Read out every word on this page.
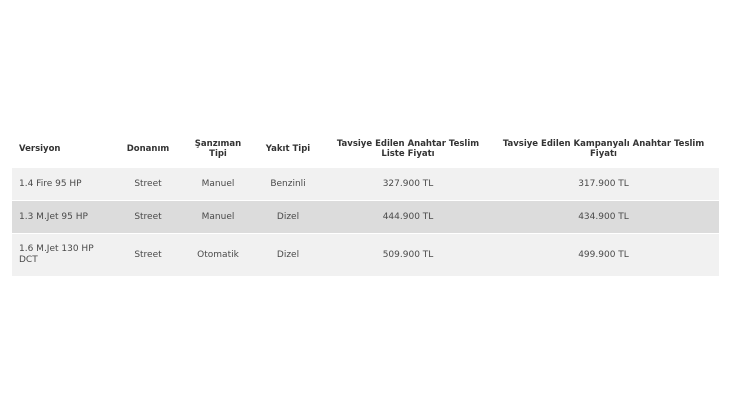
Versiyon	Donanım	Şanzıman Tipi	Yakıt Tipi	Tavsiye Edilen Anahtar Teslim Liste Fiyatı	Tavsiye Edilen Kampanyalı Anahtar Teslim Fiyatı
1.4 Fire 95 HP	Street	Manuel	Benzinli	327.900 TL	317.900 TL
1.3 M.Jet 95 HP	Street	Manuel	Dizel	444.900 TL	434.900 TL
1.6 M.Jet 130 HP DCT	Street	Otomatik	Dizel	509.900 TL	499.900 TL
